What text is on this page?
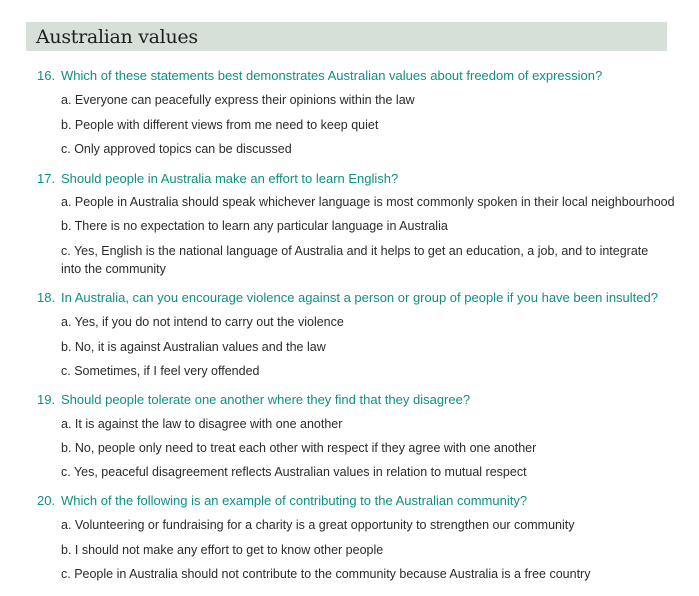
Australian values
16. Which of these statements best demonstrates Australian values about freedom of expression?
a. Everyone can peacefully express their opinions within the law
b. People with different views from me need to keep quiet
c. Only approved topics can be discussed
17. Should people in Australia make an effort to learn English?
a. People in Australia should speak whichever language is most commonly spoken in their local neighbourhood
b. There is no expectation to learn any particular language in Australia
c. Yes, English is the national language of Australia and it helps to get an education, a job, and to integrate into the community
18. In Australia, can you encourage violence against a person or group of people if you have been insulted?
a. Yes, if you do not intend to carry out the violence
b. No, it is against Australian values and the law
c. Sometimes, if I feel very offended
19. Should people tolerate one another where they find that they disagree?
a. It is against the law to disagree with one another
b. No, people only need to treat each other with respect if they agree with one another
c. Yes, peaceful disagreement reflects Australian values in relation to mutual respect
20. Which of the following is an example of contributing to the Australian community?
a. Volunteering or fundraising for a charity is a great opportunity to strengthen our community
b. I should not make any effort to get to know other people
c. People in Australia should not contribute to the community because Australia is a free country
